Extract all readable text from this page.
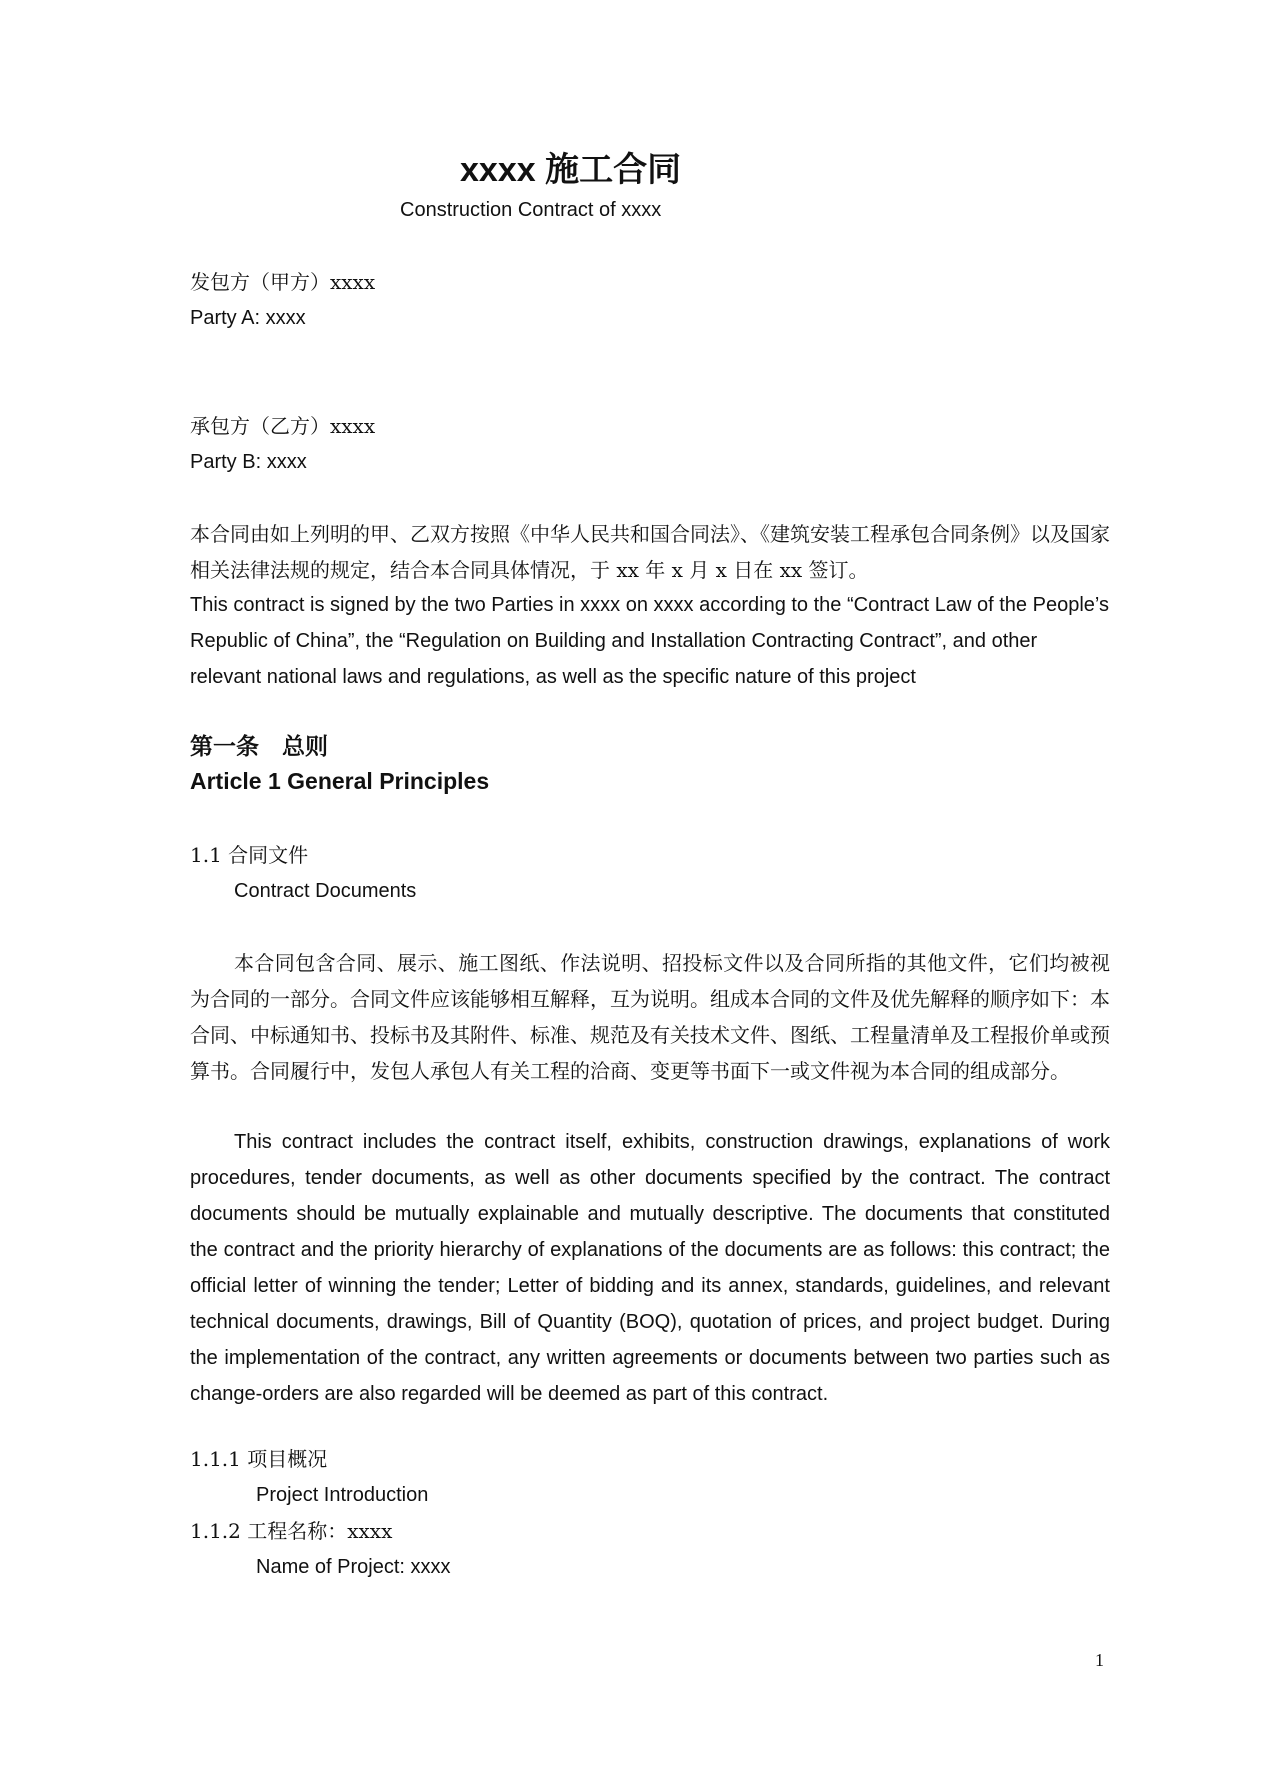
xxxx 施工合同
Construction Contract of xxxx
发包方（甲方）xxxx
Party A: xxxx
承包方（乙方）xxxx
Party B: xxxx
本合同由如上列明的甲、乙双方按照《中华人民共和国合同法》、《建筑安装工程承包合同条例》以及国家相关法律法规的规定，结合本合同具体情况，于 xx 年 x 月 x 日在 xx 签订。
This contract is signed by the two Parties in xxxx on xxxx according to the “Contract Law of the People’s Republic of China”, the “Regulation on Building and Installation Contracting Contract”, and other relevant national laws and regulations, as well as the specific nature of this project
第一条　总则
Article 1 General Principles
1.1 合同文件
Contract Documents
本合同包含合同、展示、施工图纸、作法说明、招投标文件以及合同所指的其他文件，它们均被视为合同的一部分。合同文件应该能够相互解释，互为说明。组成本合同的文件及优先解释的顺序如下：本合同、中标通知书、投标书及其附件、标准、规范及有关技术文件、图纸、工程量清单及工程报价单或预算书。合同履行中，发包人承包人有关工程的洽商、变更等书面下一或文件视为本合同的组成部分。
This contract includes the contract itself, exhibits, construction drawings, explanations of work procedures, tender documents, as well as other documents specified by the contract. The contract documents should be mutually explainable and mutually descriptive. The documents that constituted the contract and the priority hierarchy of explanations of the documents are as follows: this contract; the official letter of winning the tender; Letter of bidding and its annex, standards, guidelines, and relevant technical documents, drawings, Bill of Quantity (BOQ), quotation of prices, and project budget. During the implementation of the contract, any written agreements or documents between two parties such as change-orders are also regarded will be deemed as part of this contract.
1.1.1 项目概况
Project Introduction
1.1.2 工程名称：xxxx
Name of Project: xxxx
1
